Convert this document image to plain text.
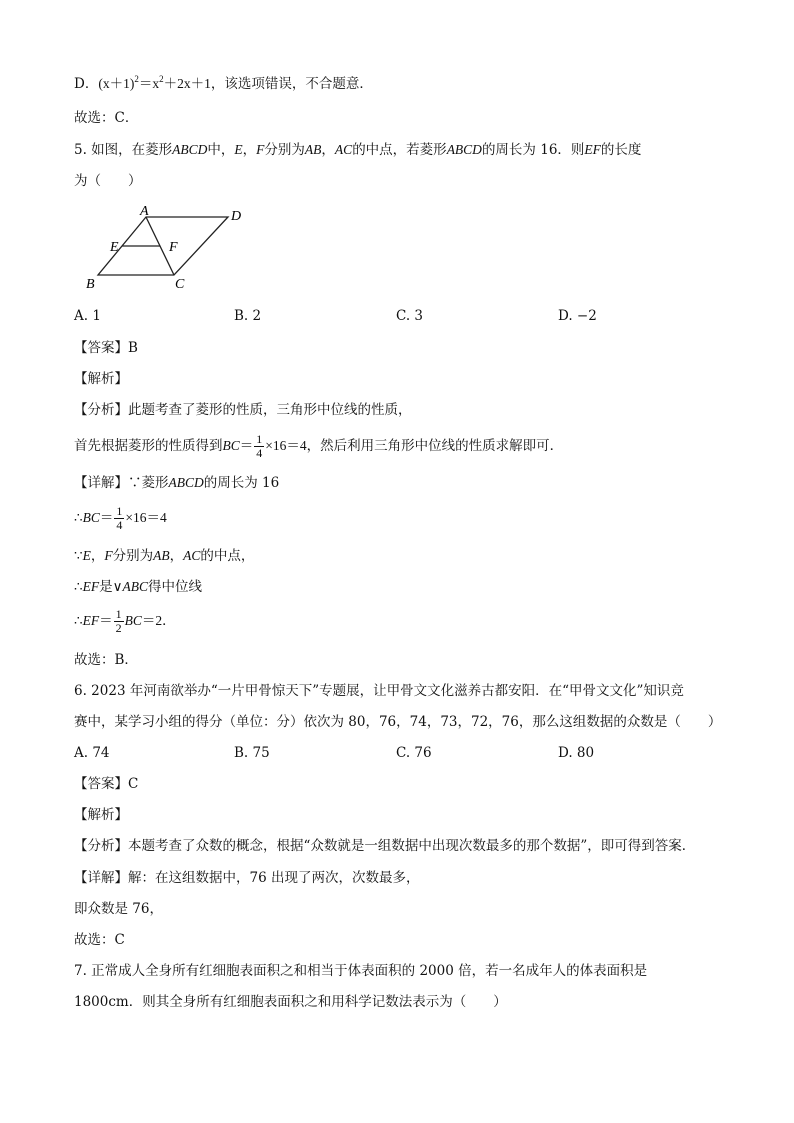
D．$(x+1)^2=x^2+2x+1$，该选项错误，不合题意．
故选：C．
5. 如图，在菱形ABCD中，E，F分别为AB，AC的中点，若菱形ABCD的周长为 16．则EF的长度
为（　　）
A	D
E	F
B	C
A. 1	B. 2	C. 3	D. −2
【答案】B
【解析】
【分析】此题考查了菱形的性质，三角形中位线的性质，
首先根据菱形的性质得到$BC= \frac{1}{4} \times 16=4$，然后利用三角形中位线的性质求解即可．
【详解】∵菱形ABCD的周长为 16
∴BC＝ $\frac{1}{4} \times 16=4$
∵E，F分别为AB，AC的中点，
∴EF是∨ABC得中位线
∴EF＝ $\frac{1}{2} BC=2$．
故选：B．
6. 2023 年河南欲举办“一片甲骨惊天下”专题展，让甲骨文文化滋养古都安阳．在“甲骨文文化”知识竞
赛中，某学习小组的得分（单位：分）依次为 80，76，74，73，72，76，那么这组数据的众数是（　　）
A. 74	B. 75	C. 76	D. 80
【答案】C
【解析】
【分析】本题考查了众数的概念，根据“众数就是一组数据中出现次数最多的那个数据”，即可得到答案．
【详解】解：在这组数据中，76 出现了两次，次数最多，
即众数是 76，
故选：C
7. 正常成人全身所有红细胞表面积之和相当于体表面积的 2000 倍，若一名成年人的体表面积是
1800cm．则其全身所有红细胞表面积之和用科学记数法表示为（　　）
